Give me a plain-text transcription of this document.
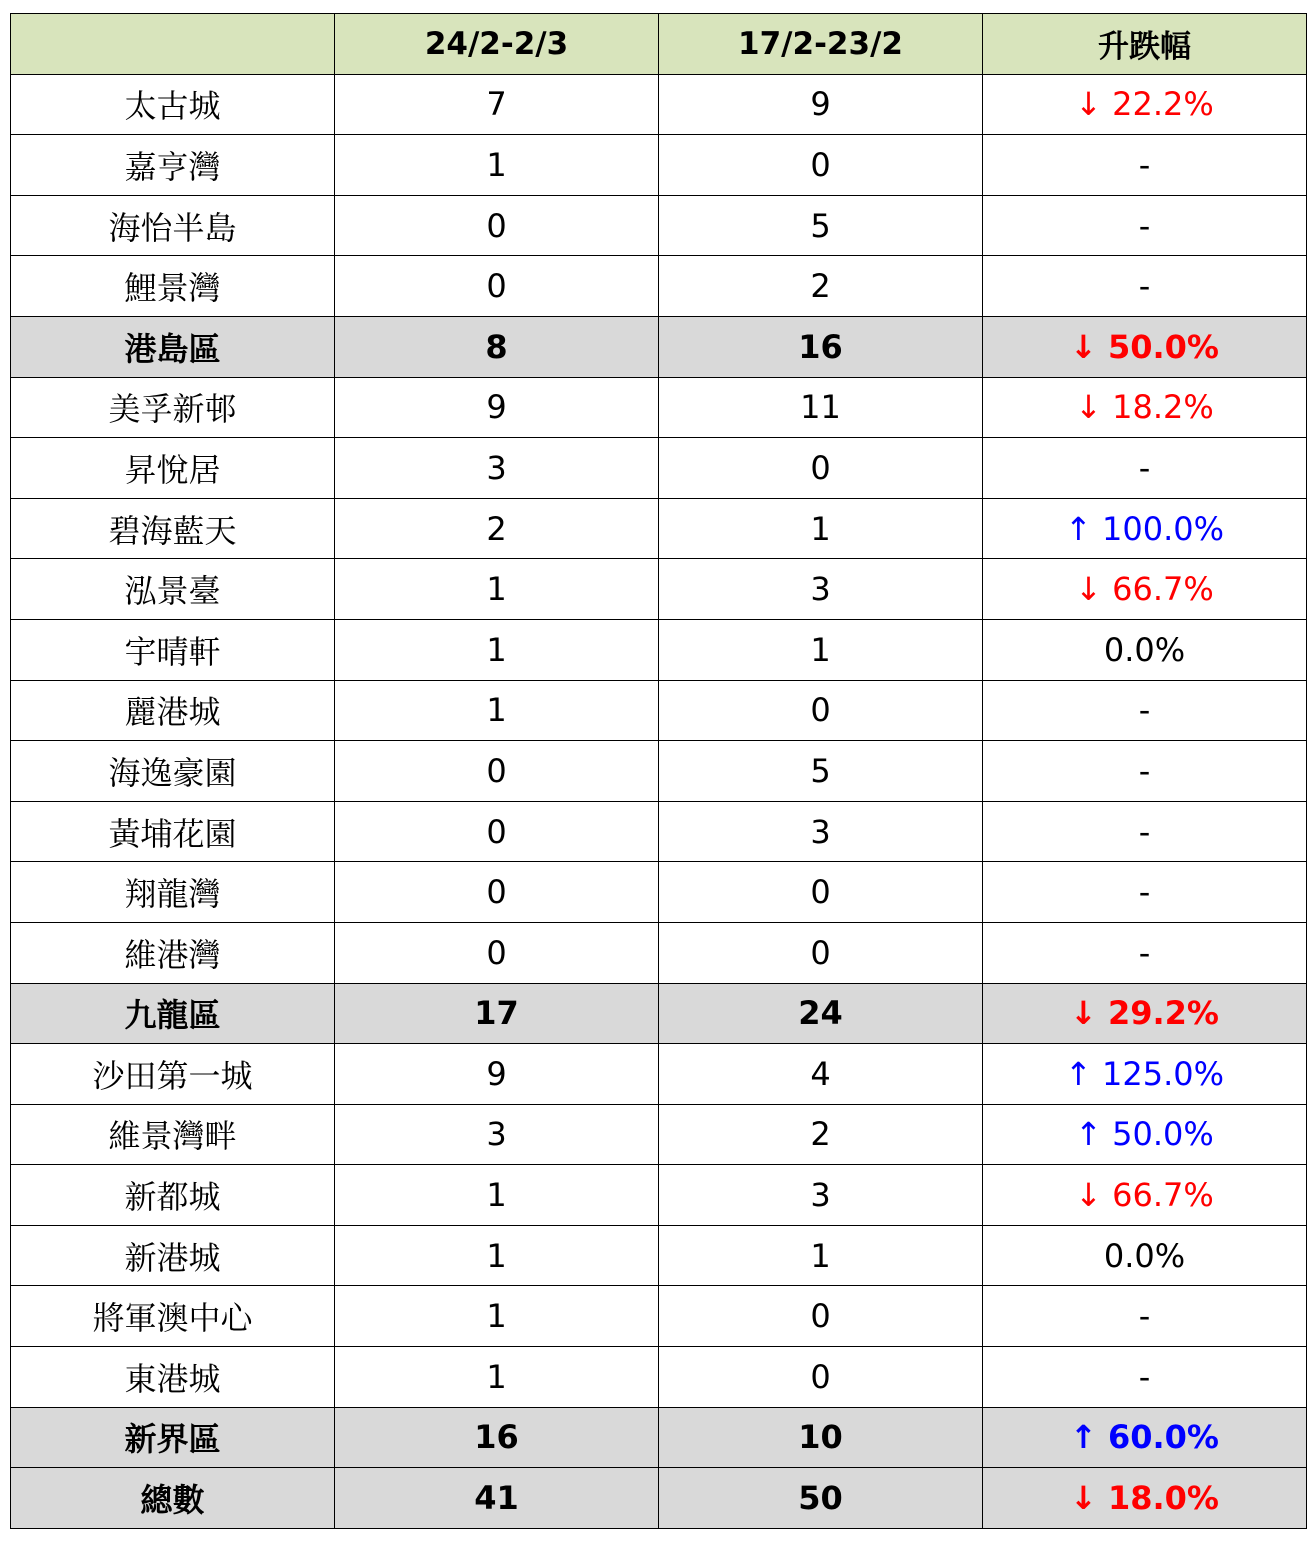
	24/2-2/3	17/2-23/2	升跌幅
太古城	7	9	↓ 22.2%
嘉亨灣	1	0	-
海怡半島	0	5	-
鯉景灣	0	2	-
港島區	8	16	↓ 50.0%
美孚新邨	9	11	↓ 18.2%
昇悅居	3	0	-
碧海藍天	2	1	↑ 100.0%
泓景臺	1	3	↓ 66.7%
宇晴軒	1	1	0.0%
麗港城	1	0	-
海逸豪園	0	5	-
黃埔花園	0	3	-
翔龍灣	0	0	-
維港灣	0	0	-
九龍區	17	24	↓ 29.2%
沙田第一城	9	4	↑ 125.0%
維景灣畔	3	2	↑ 50.0%
新都城	1	3	↓ 66.7%
新港城	1	1	0.0%
將軍澳中心	1	0	-
東港城	1	0	-
新界區	16	10	↑ 60.0%
總數	41	50	↓ 18.0%
